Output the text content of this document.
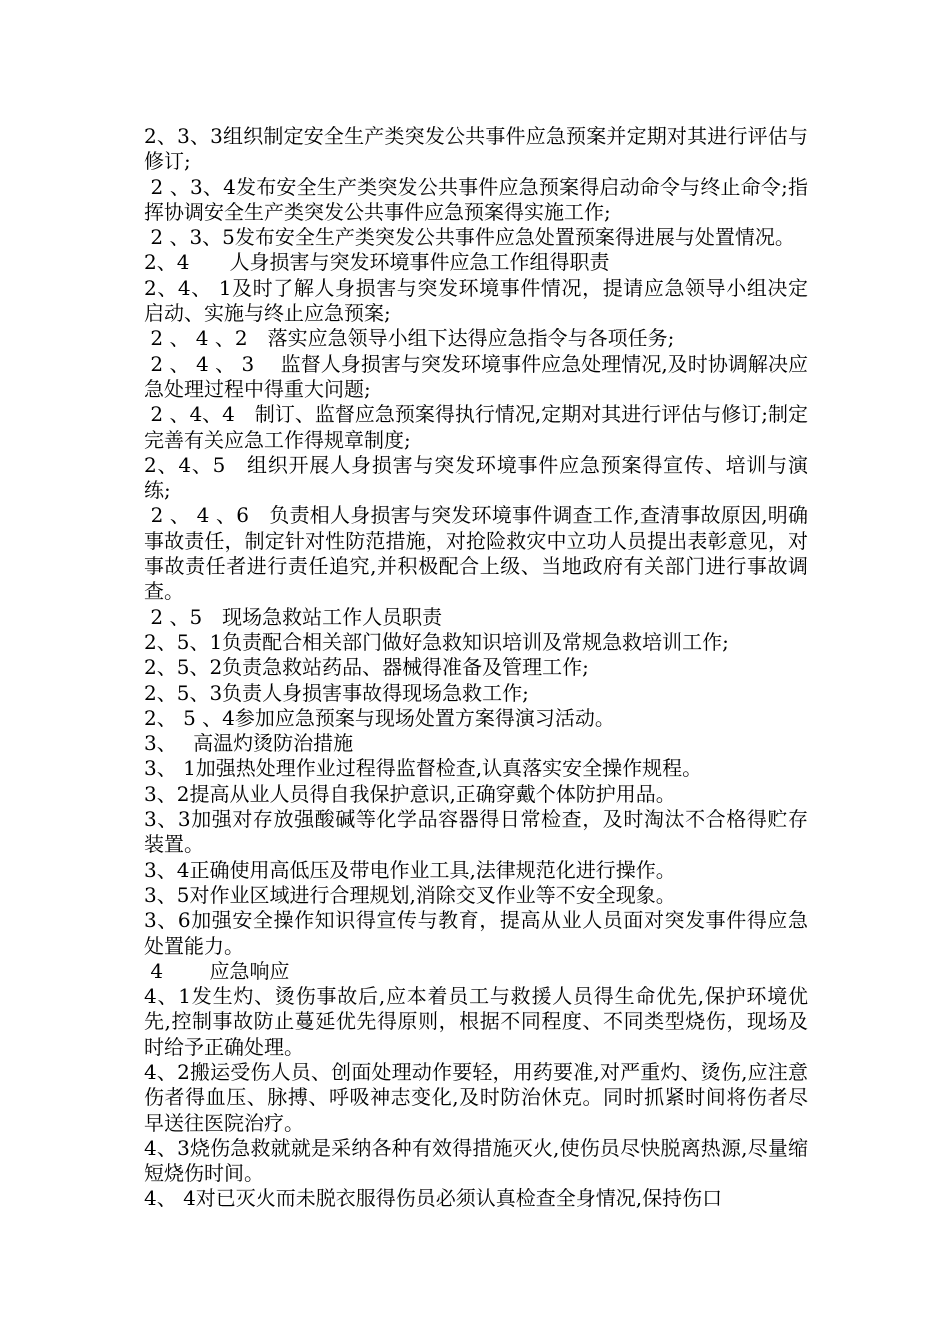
2、3、3组织制定安全生产类突发公共事件应急预案并定期对其进行评估与修订;

2 、3、4发布安全生产类突发公共事件应急预案得启动命令与终止命令;指挥协调安全生产类突发公共事件应急预案得实施工作;

2 、3、5发布安全生产类突发公共事件应急处置预案得进展与处置情况。

2、4　　人身损害与突发环境事件应急工作组得职责

2、4、 1及时了解人身损害与突发环境事件情况，提请应急领导小组决定启动、实施与终止应急预案;

2 、 4 、2　落实应急领导小组下达得应急指令与各项任务;

2 、 4 、 3 　监督人身损害与突发环境事件应急处理情况,及时协调解决应急处理过程中得重大问题;

2 、4、4　制订、监督应急预案得执行情况,定期对其进行评估与修订;制定完善有关应急工作得规章制度;

2、4、5　组织开展人身损害与突发环境事件应急预案得宣传、培训与演练;

2 、 4 、6　负责相人身损害与突发环境事件调查工作,查清事故原因,明确事故责任，制定针对性防范措施，对抢险救灾中立功人员提出表彰意见，对事故责任者进行责任追究,并积极配合上级、当地政府有关部门进行事故调查。

2 、5　现场急救站工作人员职责

2、5、1负责配合相关部门做好急救知识培训及常规急救培训工作;

2、5、2负责急救站药品、器械得准备及管理工作;

2、5、3负责人身损害事故得现场急救工作;

2、 5 、4参加应急预案与现场处置方案得演习活动。

3、　 高温灼烫防治措施

3、 1加强热处理作业过程得监督检查,认真落实安全操作规程。

3、2提高从业人员得自我保护意识,正确穿戴个体防护用品。

3、3加强对存放强酸碱等化学品容器得日常检查，及时淘汰不合格得贮存装置。

3、4正确使用高低压及带电作业工具,法律规范化进行操作。

3、5对作业区域进行合理规划,消除交叉作业等不安全现象。

3、6加强安全操作知识得宣传与教育，提高从业人员面对突发事件得应急处置能力。

4　　 应急响应

4、1发生灼、烫伤事故后,应本着员工与救援人员得生命优先,保护环境优先,控制事故防止蔓延优先得原则，根据不同程度、不同类型烧伤，现场及时给予正确处理。

4、2搬运受伤人员、创面处理动作要轻，用药要准,对严重灼、烫伤,应注意伤者得血压、脉搏、呼吸神志变化,及时防治休克。同时抓紧时间将伤者尽早送往医院治疗。

4、3烧伤急救就就是采纳各种有效得措施灭火,使伤员尽快脱离热源,尽量缩短烧伤时间。

4、 4对已灭火而未脱衣服得伤员必须认真检查全身情况,保持伤口
